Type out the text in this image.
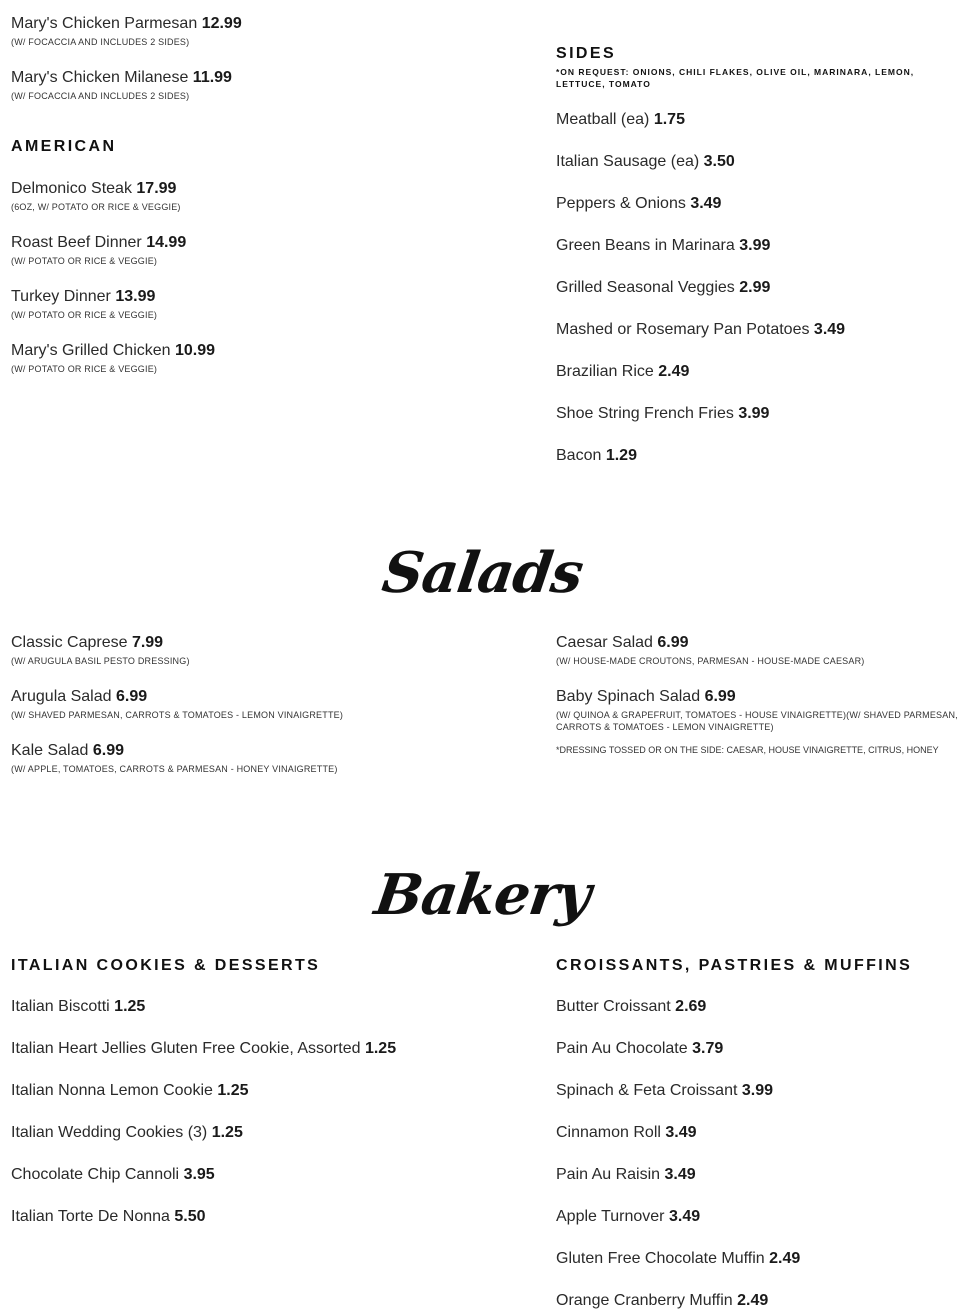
Mary's Chicken Parmesan 12.99
(W/ FOCACCIA AND INCLUDES 2 SIDES)
Mary's Chicken Milanese 11.99
(W/ FOCACCIA AND INCLUDES 2 SIDES)
AMERICAN
Delmonico Steak 17.99
(6OZ, W/ POTATO OR RICE & VEGGIE)
Roast Beef Dinner 14.99
(W/ POTATO OR RICE & VEGGIE)
Turkey Dinner 13.99
(W/ POTATO OR RICE & VEGGIE)
Mary's Grilled Chicken 10.99
(W/ POTATO OR RICE & VEGGIE)
SIDES
*ON REQUEST: ONIONS, CHILI FLAKES, OLIVE OIL, MARINARA, LEMON, LETTUCE, TOMATO
Meatball (ea) 1.75
Italian Sausage (ea) 3.50
Peppers & Onions 3.49
Green Beans in Marinara 3.99
Grilled Seasonal Veggies 2.99
Mashed or Rosemary Pan Potatoes 3.49
Brazilian Rice 2.49
Shoe String French Fries 3.99
Bacon 1.29
Salads
Classic Caprese 7.99
(W/ ARUGULA BASIL PESTO DRESSING)
Arugula Salad 6.99
(W/ SHAVED PARMESAN, CARROTS & TOMATOES - LEMON VINAIGRETTE)
Kale Salad 6.99
(W/ APPLE, TOMATOES, CARROTS & PARMESAN - HONEY VINAIGRETTE)
Caesar Salad 6.99
(W/ HOUSE-MADE CROUTONS, PARMESAN - HOUSE-MADE CAESAR)
Baby Spinach Salad 6.99
(W/ QUINOA & GRAPEFRUIT, TOMATOES - HOUSE VINAIGRETTE)(W/ SHAVED PARMESAN,
CARROTS & TOMATOES - LEMON VINAIGRETTE)
*DRESSING TOSSED OR ON THE SIDE: CAESAR, HOUSE VINAIGRETTE, CITRUS, HONEY
Bakery
ITALIAN COOKIES & DESSERTS
Italian Biscotti 1.25
Italian Heart Jellies Gluten Free Cookie, Assorted 1.25
Italian Nonna Lemon Cookie 1.25
Italian Wedding Cookies (3) 1.25
Chocolate Chip Cannoli 3.95
Italian Torte De Nonna 5.50
CROISSANTS, PASTRIES & MUFFINS
Butter Croissant 2.69
Pain Au Chocolate 3.79
Spinach & Feta Croissant 3.99
Cinnamon Roll 3.49
Pain Au Raisin 3.49
Apple Turnover 3.49
Gluten Free Chocolate Muffin 2.49
Orange Cranberry Muffin 2.49
